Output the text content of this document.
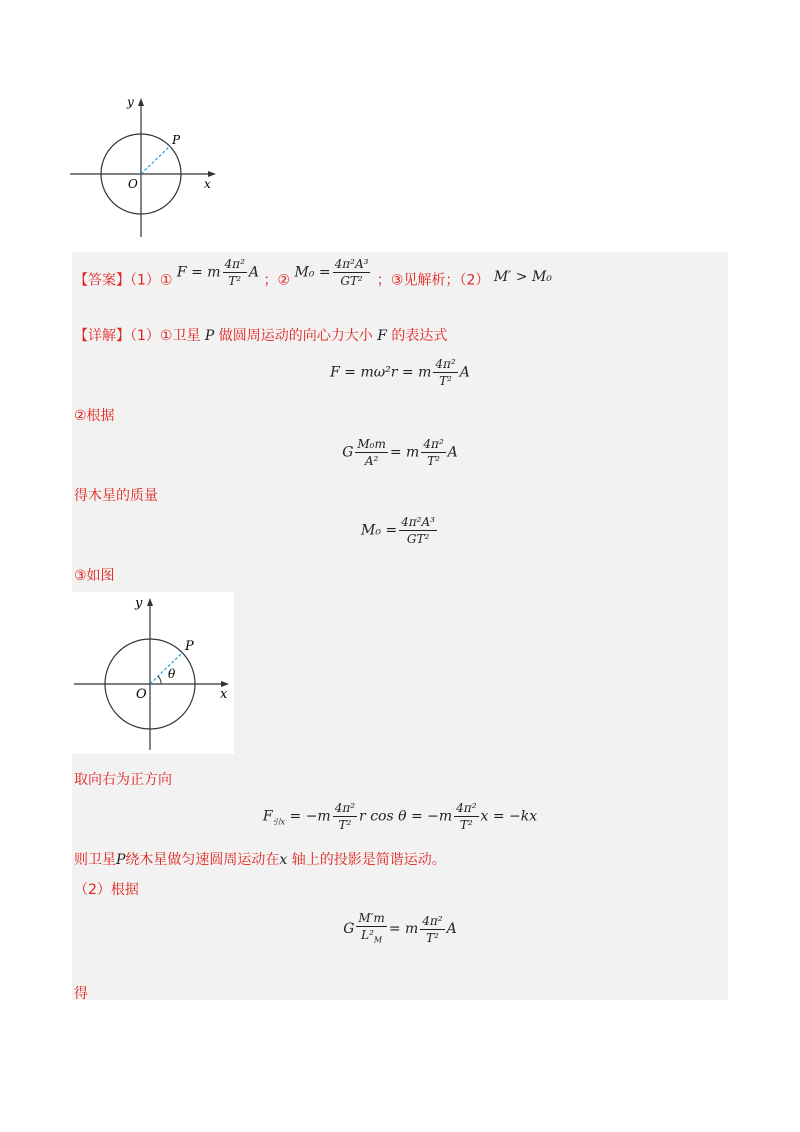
y
x
O
P
【答案】（1）① F = m $\frac{\text{4π²}}{\text{T²}}$ A ；② $M_0 = \frac{\text{4π²A³}}{\text{GT²}}$ ；③见解析；（2） M′ > M₀
【详解】（1）①卫星 P 做圆周运动的向心力大小 F 的表达式
F = mω²r = m $\frac{\text{4π²}}{\text{T²}}$ A
②根据
G $\frac{\text{M₀m}}{\text{A²}} = m \frac{\text{4π²}}{\text{T²}}$ A
得木星的质量
$M_0 = \frac{\text{4π²A³}}{\text{GT²}}$
③如图
y
x
O
P
θ
取向右为正方向
$F_{引x} = -m \frac{\text{4π²}}{\text{T²}}$ r $\cos \theta = -m \frac{\text{4π²}}{\text{T²}}$ x = −kx
则卫星P绕木星做匀速圆周运动在x 轴上的投影是简谐运动。
（2）根据
G $\frac{M'm}{L^2_M} = m \frac{\text{4π²}}{\text{T²}}$ A
得
